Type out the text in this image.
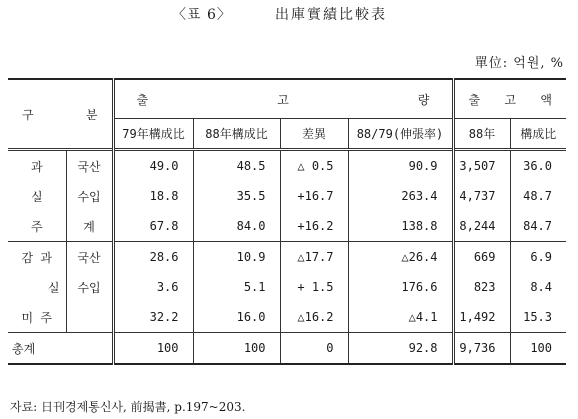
〈표 6〉	出庫實績比較表
單位: 억원, %
구 분		출 고 량				출 고 액	

		79年構成比	88年構成比	差異	88/79(伸張率)	88年	構成比
과	국산	49.0	48.5	△ 0.5	90.9	3,507	36.0
실	수입	18.8	35.5	+16.7	263.4	4,737	48.7
주	계	67.8	84.0	+16.2	138.8	8,244	84.7
감 과	국산	28.6	10.9	△17.7	△26.4	669	6.9
실	수입	3.6	5.1	+ 1.5	176.6	823	8.4
미 주		32.2	16.0	△16.2	△4.1	1,492	15.3
총계		100	100	0	92.8	9,736	100
자료: 日刊경제통신사, 前揭書, p.197~203.
